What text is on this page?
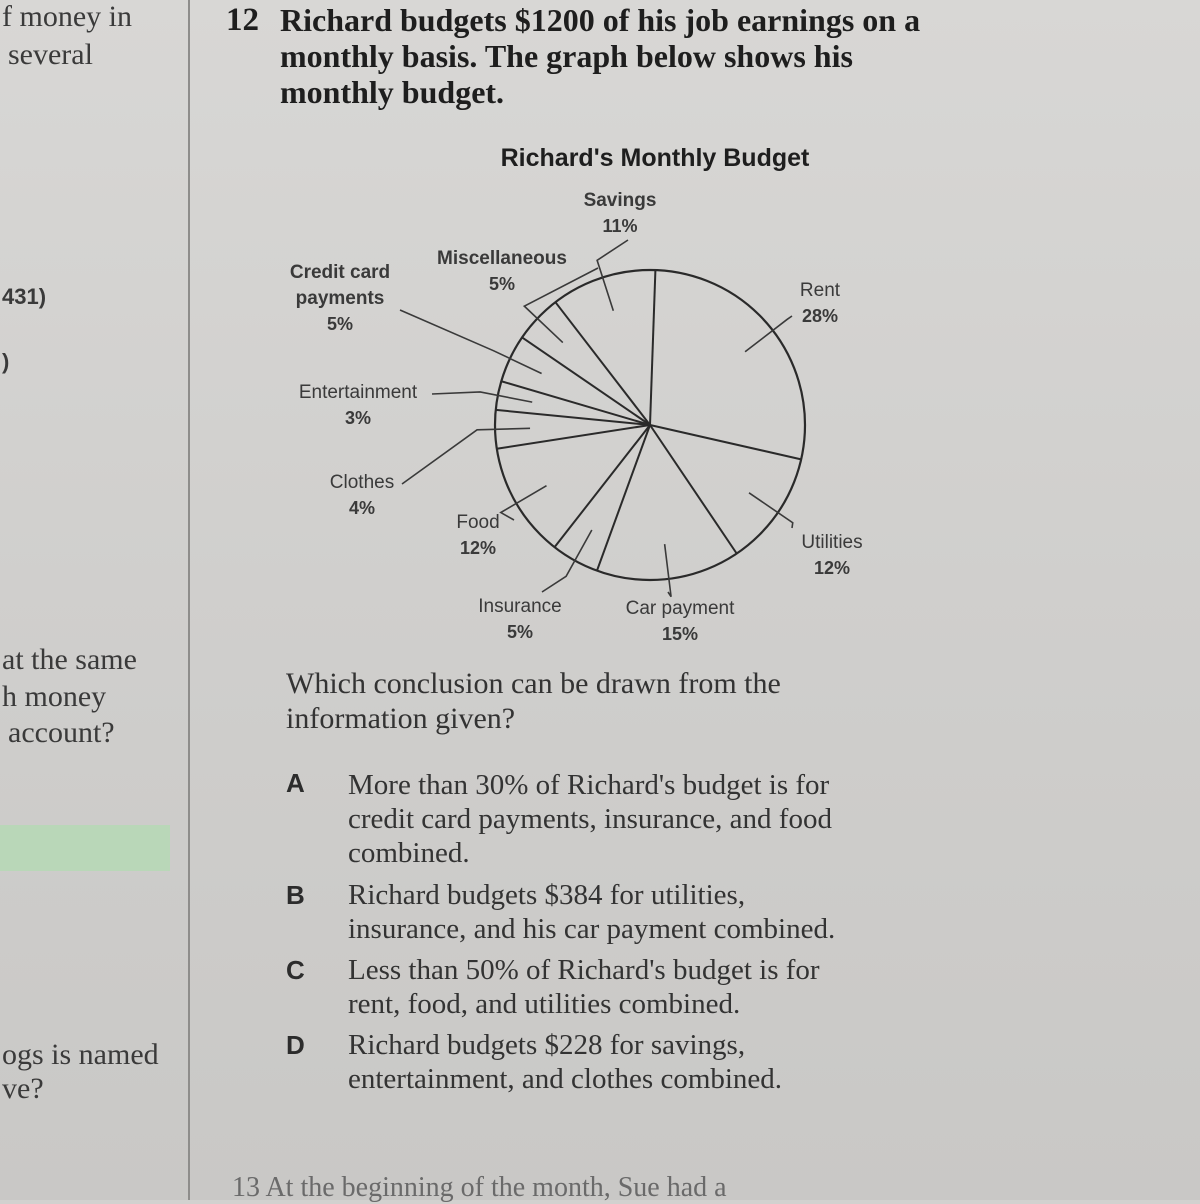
f money in
several
431)
)
at the same
h money
account?
ogs is named
ve?
12 Richard budgets $1200 of his job earnings on a
monthly basis. The graph below shows his
monthly budget.
Richard's Monthly Budget
Rent
28%
Utilities
12%
Car payment
15%
Insurance
5%
Food
12%
Clothes
4%
Entertainment
3%
Credit card
payments
5%
Miscellaneous
5%
Savings
11%
Which conclusion can be drawn from the
information given?
A More than 30% of Richard's budget is for
credit card payments, insurance, and food
combined.
B Richard budgets $384 for utilities,
insurance, and his car payment combined.
C Less than 50% of Richard's budget is for
rent, food, and utilities combined.
D Richard budgets $228 for savings,
entertainment, and clothes combined.
13 At the beginning of the month, Sue had a
